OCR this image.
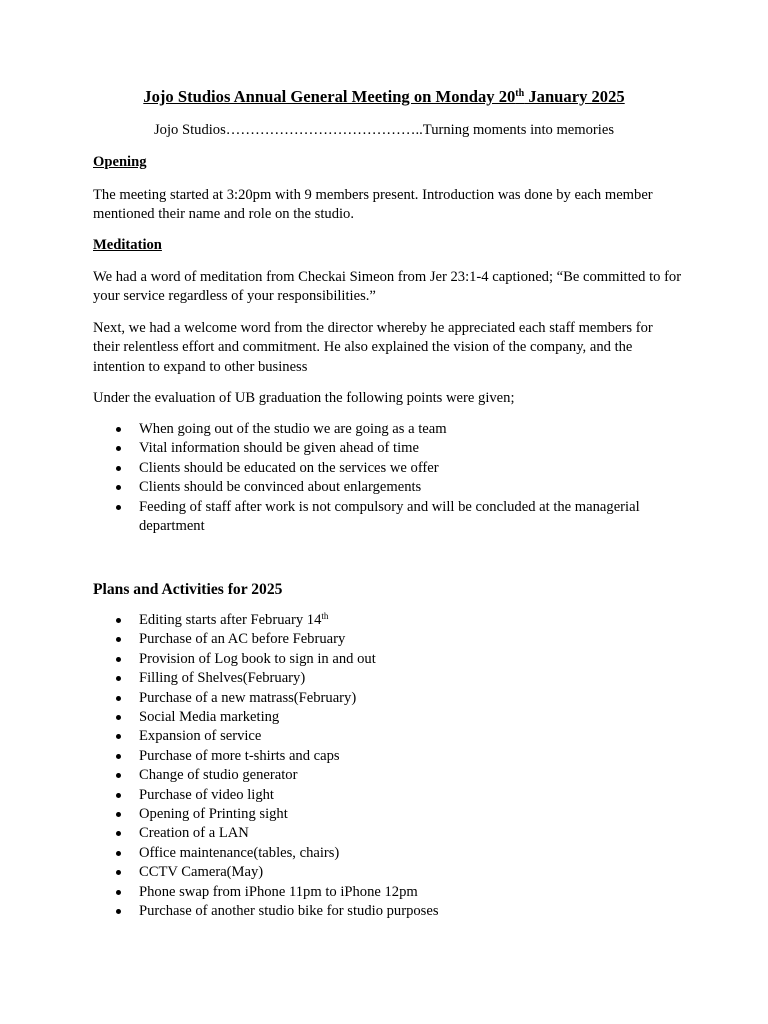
Jojo Studios Annual General Meeting on Monday 20th January 2025
Jojo Studios…………………………………..Turning moments into memories
Opening

The meeting started at 3:20pm with 9 members present. Introduction was done by each member mentioned their name and role on the studio.

Meditation

We had a word of meditation from Checkai Simeon from Jer 23:1-4 captioned; “Be committed to for your service regardless of your responsibilities.”

Next, we had a welcome word from the director whereby he appreciated each staff members for their relentless effort and commitment. He also explained the vision of the company, and the intention to expand to other business

Under the evaluation of UB graduation the following points were given;

When going out of the studio we are going as a team
Vital information should be given ahead of time
Clients should be educated on the services we offer
Clients should be convinced about enlargements
Feeding of staff after work is not compulsory and will be concluded at the managerial department
Plans and Activities for 2025
Editing starts after February 14th
Purchase of an AC before February
Provision of Log book to sign in and out
Filling of Shelves(February)
Purchase of a new matrass(February)
Social Media marketing
Expansion of service
Purchase of more t-shirts and caps
Change of studio generator
Purchase of video light
Opening of Printing sight
Creation of a LAN
Office maintenance(tables, chairs)
CCTV Camera(May)
Phone swap from iPhone 11pm to iPhone 12pm
Purchase of another studio bike for studio purposes
